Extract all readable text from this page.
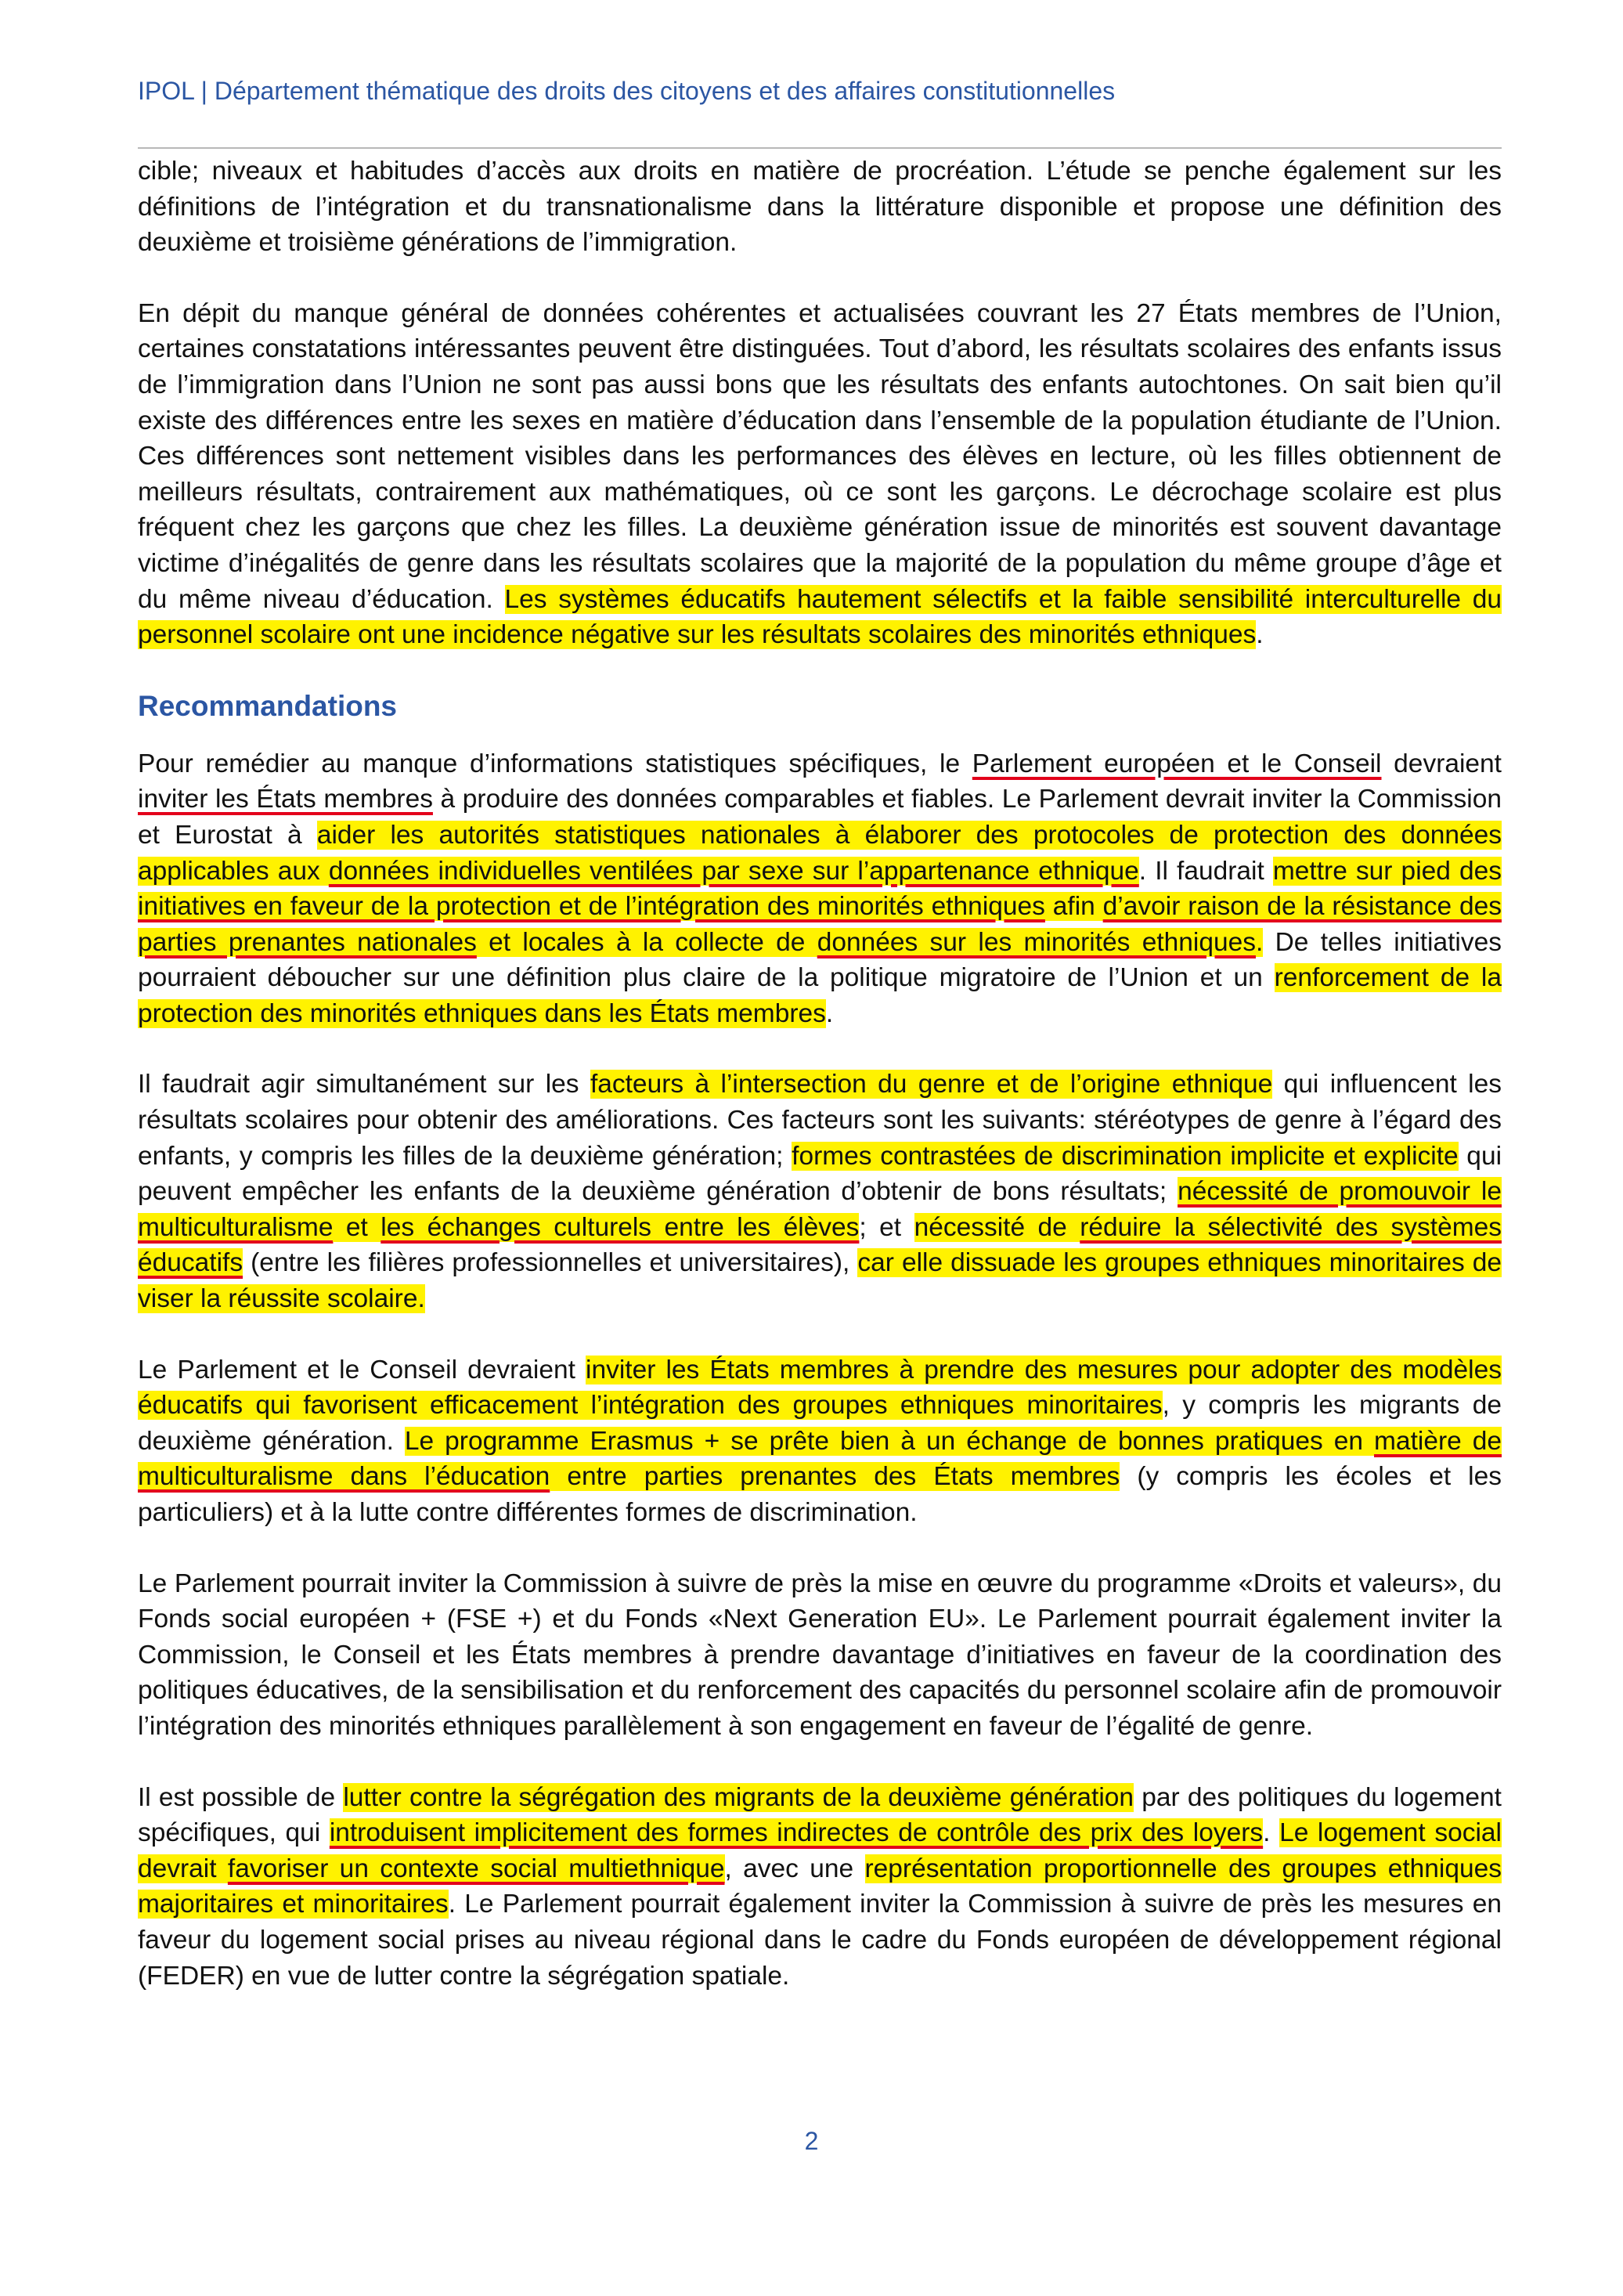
IPOL | Département thématique des droits des citoyens et des affaires constitutionnelles

cible; niveaux et habitudes d’accès aux droits en matière de procréation. L’étude se penche également sur les définitions de l’intégration et du transnationalisme dans la littérature disponible et propose une définition des deuxième et troisième générations de l’immigration.

En dépit du manque général de données cohérentes et actualisées couvrant les 27 États membres de l’Union, certaines constatations intéressantes peuvent être distinguées. Tout d’abord, les résultats scolaires des enfants issus de l’immigration dans l’Union ne sont pas aussi bons que les résultats des enfants autochtones. On sait bien qu’il existe des différences entre les sexes en matière d’éducation dans l’ensemble de la population étudiante de l’Union. Ces différences sont nettement visibles dans les performances des élèves en lecture, où les filles obtiennent de meilleurs résultats, contrairement aux mathématiques, où ce sont les garçons. Le décrochage scolaire est plus fréquent chez les garçons que chez les filles. La deuxième génération issue de minorités est souvent davantage victime d’inégalités de genre dans les résultats scolaires que la majorité de la population du même groupe d’âge et du même niveau d’éducation. Les systèmes éducatifs hautement sélectifs et la faible sensibilité interculturelle du personnel scolaire ont une incidence négative sur les résultats scolaires des minorités ethniques.

Recommandations

Pour remédier au manque d’informations statistiques spécifiques, le Parlement européen et le Conseil devraient inviter les États membres à produire des données comparables et fiables. Le Parlement devrait inviter la Commission et Eurostat à aider les autorités statistiques nationales à élaborer des protocoles de protection des données applicables aux données individuelles ventilées par sexe sur l’appartenance ethnique. Il faudrait mettre sur pied des initiatives en faveur de la protection et de l’intégration des minorités ethniques afin d’avoir raison de la résistance des parties prenantes nationales et locales à la collecte de données sur les minorités ethniques. De telles initiatives pourraient déboucher sur une définition plus claire de la politique migratoire de l’Union et un renforcement de la protection des minorités ethniques dans les États membres.

Il faudrait agir simultanément sur les facteurs à l’intersection du genre et de l’origine ethnique qui influencent les résultats scolaires pour obtenir des améliorations. Ces facteurs sont les suivants: stéréotypes de genre à l’égard des enfants, y compris les filles de la deuxième génération; formes contrastées de discrimination implicite et explicite qui peuvent empêcher les enfants de la deuxième génération d’obtenir de bons résultats; nécessité de promouvoir le multiculturalisme et les échanges culturels entre les élèves; et nécessité de réduire la sélectivité des systèmes éducatifs (entre les filières professionnelles et universitaires), car elle dissuade les groupes ethniques minoritaires de viser la réussite scolaire.

Le Parlement et le Conseil devraient inviter les États membres à prendre des mesures pour adopter des modèles éducatifs qui favorisent efficacement l’intégration des groupes ethniques minoritaires, y compris les migrants de deuxième génération. Le programme Erasmus + se prête bien à un échange de bonnes pratiques en matière de multiculturalisme dans l’éducation entre parties prenantes des États membres (y compris les écoles et les particuliers) et à la lutte contre différentes formes de discrimination.

Le Parlement pourrait inviter la Commission à suivre de près la mise en œuvre du programme «Droits et valeurs», du Fonds social européen + (FSE +) et du Fonds «Next Generation EU». Le Parlement pourrait également inviter la Commission, le Conseil et les États membres à prendre davantage d’initiatives en faveur de la coordination des politiques éducatives, de la sensibilisation et du renforcement des capacités du personnel scolaire afin de promouvoir l’intégration des minorités ethniques parallèlement à son engagement en faveur de l’égalité de genre.

Il est possible de lutter contre la ségrégation des migrants de la deuxième génération par des politiques du logement spécifiques, qui introduisent implicitement des formes indirectes de contrôle des prix des loyers. Le logement social devrait favoriser un contexte social multiethnique, avec une représentation proportionnelle des groupes ethniques majoritaires et minoritaires. Le Parlement pourrait également inviter la Commission à suivre de près les mesures en faveur du logement social prises au niveau régional dans le cadre du Fonds européen de développement régional (FEDER) en vue de lutter contre la ségrégation spatiale.

2
